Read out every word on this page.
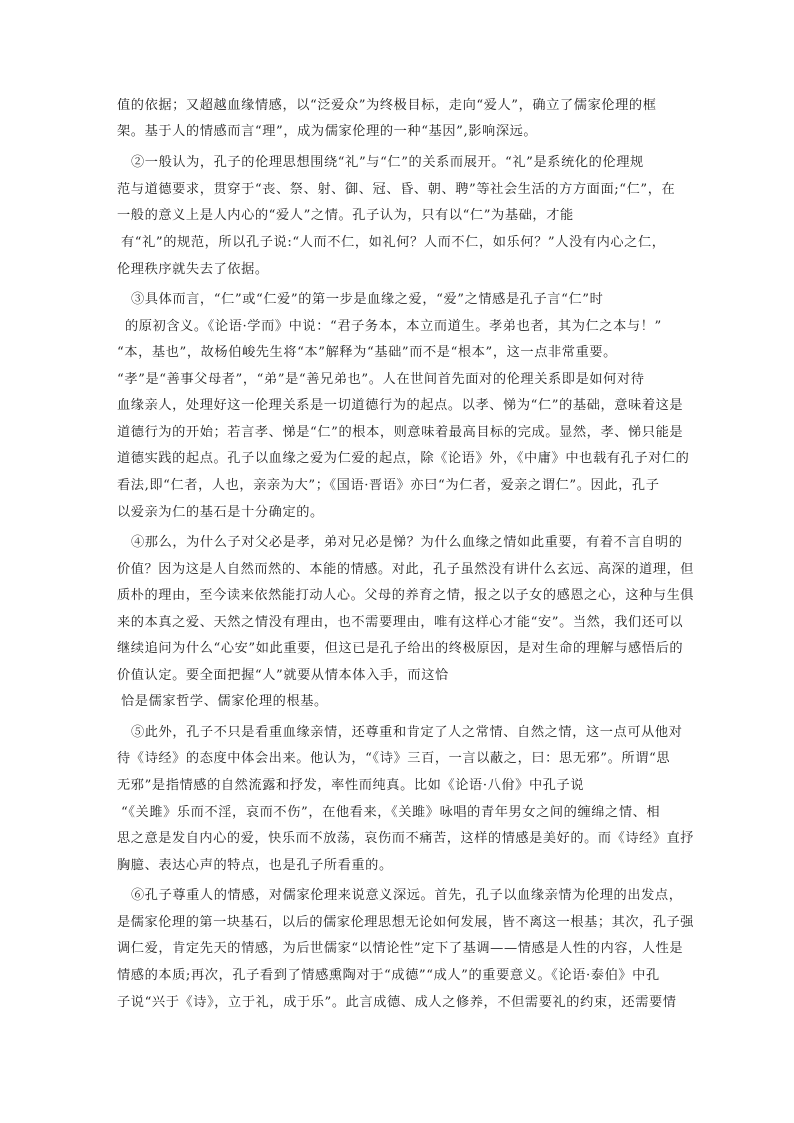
值的依据；又超越血缘情感，以“泛爱众”为终极目标，走向“爱人”，确立了儒家伦理的框
架。基于人的情感而言“理”，成为儒家伦理的一种“基因”,影响深远。
②一般认为，孔子的伦理思想围绕“礼”与“仁”的关系而展开。“礼”是系统化的伦理规
范与道德要求，贯穿于“丧、祭、射、御、冠、昏、朝、聘”等社会生活的方方面面;“仁”，在
一般的意义上是人内心的“爱人”之情。孔子认为，只有以“仁”为基础，才能
有“礼”的规范，所以孔子说:“人而不仁，如礼何？人而不仁，如乐何？”人没有内心之仁，
伦理秩序就失去了依据。
③具体而言，“仁”或“仁爱”的第一步是血缘之爱，“爱”之情感是孔子言“仁”时
的原初含义。《论语·学而》中说：“君子务本，本立而道生。孝弟也者，其为仁之本与！”
“本，基也”，故杨伯峻先生将“本”解释为“基础”而不是“根本”，这一点非常重要。
“孝”是“善事父母者”，“弟”是“善兄弟也”。人在世间首先面对的伦理关系即是如何对待
血缘亲人，处理好这一伦理关系是一切道德行为的起点。以孝、悌为“仁”的基础，意味着这是
道德行为的开始；若言孝、悌是“仁”的根本，则意味着最高目标的完成。显然，孝、悌只能是
道德实践的起点。孔子以血缘之爱为仁爱的起点，除《论语》外，《中庸》中也载有孔子对仁的
看法,即“仁者，人也，亲亲为大”；《国语·晋语》亦曰“为仁者，爱亲之谓仁”。因此，孔子
以爱亲为仁的基石是十分确定的。
④那么，为什么子对父必是孝，弟对兄必是悌？为什么血缘之情如此重要，有着不言自明的
价值？因为这是人自然而然的、本能的情感。对此，孔子虽然没有讲什么玄远、高深的道理，但
质朴的理由，至今读来依然能打动人心。父母的养育之情，报之以子女的感恩之心，这种与生俱
来的本真之爱、天然之情没有理由，也不需要理由，唯有这样心才能“安”。当然，我们还可以
继续追问为什么“心安”如此重要，但这已是孔子给出的终极原因，是对生命的理解与感悟后的
价值认定。要全面把握“人”就要从情本体入手，而这恰
恰是儒家哲学、儒家伦理的根基。
⑤此外，孔子不只是看重血缘亲情，还尊重和肯定了人之常情、自然之情，这一点可从他对
待《诗经》的态度中体会出来。他认为，“《诗》三百，一言以蔽之，曰：思无邪”。所谓“思
无邪”是指情感的自然流露和抒发，率性而纯真。比如《论语·八佾》中孔子说
“《关雎》乐而不淫，哀而不伤”，在他看来，《关雎》咏唱的青年男女之间的缠绵之情、相
思之意是发自内心的爱，快乐而不放荡，哀伤而不痛苦，这样的情感是美好的。而《诗经》直抒
胸臆、表达心声的特点，也是孔子所看重的。
⑥孔子尊重人的情感，对儒家伦理来说意义深远。首先，孔子以血缘亲情为伦理的出发点，
是儒家伦理的第一块基石，以后的儒家伦理思想无论如何发展，皆不离这一根基；其次，孔子强
调仁爱，肯定先天的情感，为后世儒家“以情论性”定下了基调——情感是人性的内容，人性是
情感的本质;再次，孔子看到了情感熏陶对于“成德”“成人”的重要意义。《论语·泰伯》中孔
子说“兴于《诗》，立于礼，成于乐”。此言成德、成人之修养，不但需要礼的约束，还需要情
